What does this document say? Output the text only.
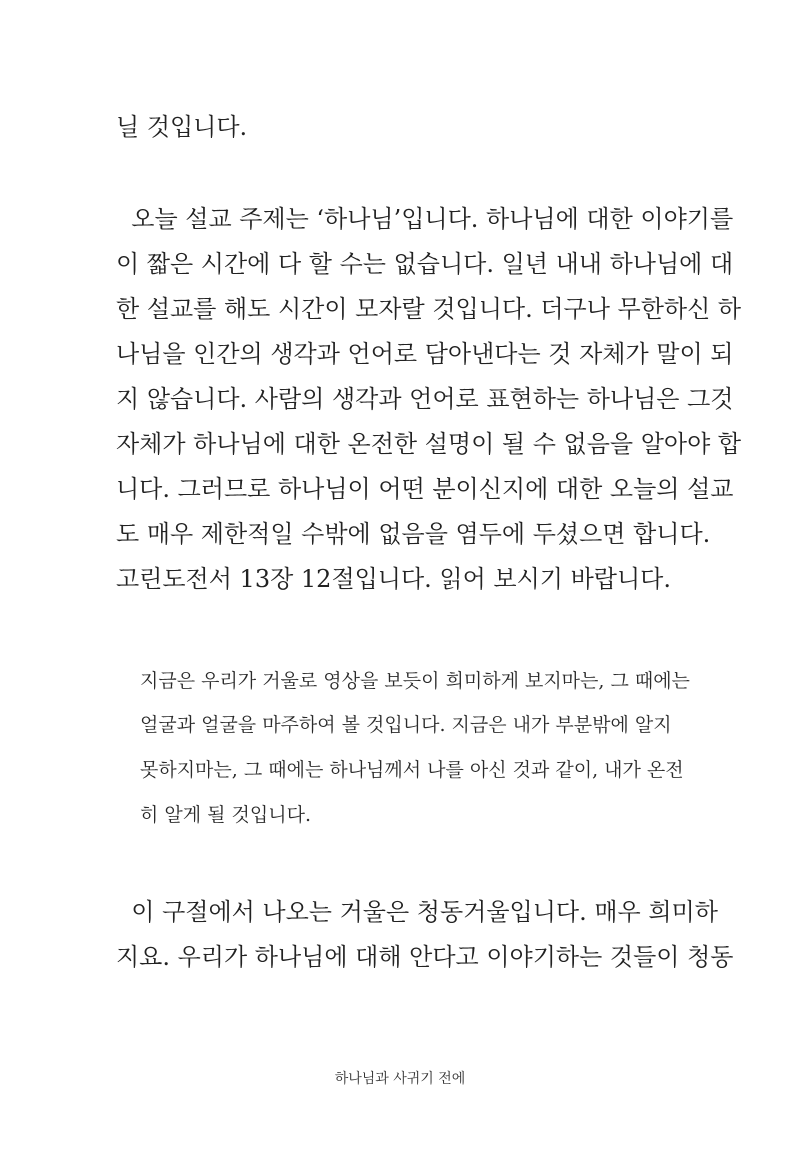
닐 것입니다.
오늘 설교 주제는 ‘하나님’입니다. 하나님에 대한 이야기를
이 짧은 시간에 다 할 수는 없습니다. 일년 내내 하나님에 대
한 설교를 해도 시간이 모자랄 것입니다. 더구나 무한하신 하
나님을 인간의 생각과 언어로 담아낸다는 것 자체가 말이 되
지 않습니다. 사람의 생각과 언어로 표현하는 하나님은 그것
자체가 하나님에 대한 온전한 설명이 될 수 없음을 알아야 합
니다. 그러므로 하나님이 어떤 분이신지에 대한 오늘의 설교
도 매우 제한적일 수밖에 없음을 염두에 두셨으면 합니다.
고린도전서 13장 12절입니다. 읽어 보시기 바랍니다.
지금은 우리가 거울로 영상을 보듯이 희미하게 보지마는, 그 때에는
얼굴과 얼굴을 마주하여 볼 것입니다. 지금은 내가 부분밖에 알지
못하지마는, 그 때에는 하나님께서 나를 아신 것과 같이, 내가 온전
히 알게 될 것입니다.
이 구절에서 나오는 거울은 청동거울입니다. 매우 희미하
지요. 우리가 하나님에 대해 안다고 이야기하는 것들이 청동
하나님과 사귀기 전에
